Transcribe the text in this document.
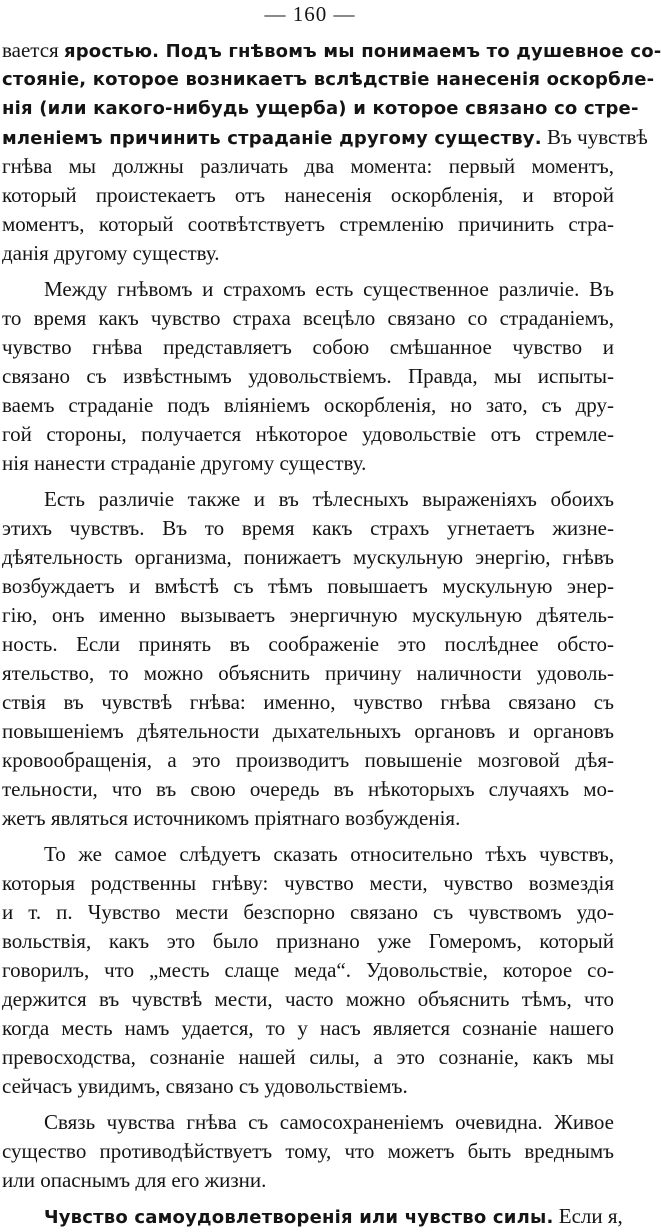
— 160 —
вается яростью. Подъ гнѣвомъ мы понимаемъ то душевное со-
стояніе, которое возникаетъ вслѣдствіе нанесенія оскорбле-
нія (или какого-нибудь ущерба) и которое связано со стре-
мленіемъ причинить страданіе другому существу. Въ чувствѣ
гнѣва мы должны различать два момента: первый моментъ,
который проистекаетъ отъ нанесенія оскорбленія, и второй
моментъ, который соотвѣтствуетъ стремленію причинить стра-
данія другому существу.
Между гнѣвомъ и страхомъ есть существенное различіе. Въ
то время какъ чувство страха всецѣло связано со страданіемъ,
чувство гнѣва представляетъ собою смѣшанное чувство и
связано съ извѣстнымъ удовольствіемъ. Правда, мы испыты-
ваемъ страданіе подъ вліяніемъ оскорбленія, но зато, съ дру-
гой стороны, получается нѣкоторое удовольствіе отъ стремле-
нія нанести страданіе другому существу.
Есть различіе также и въ тѣлесныхъ выраженіяхъ обоихъ
этихъ чувствъ. Въ то время какъ страхъ угнетаетъ жизне-
дѣятельность организма, понижаетъ мускульную энергію, гнѣвъ
возбуждаетъ и вмѣстѣ съ тѣмъ повышаетъ мускульную энер-
гію, онъ именно вызываетъ энергичную мускульную дѣятель-
ность. Если принять въ соображеніе это послѣднее обсто-
ятельство, то можно объяснить причину наличности удоволь-
ствія въ чувствѣ гнѣва: именно, чувство гнѣва связано съ
повышеніемъ дѣятельности дыхательныхъ органовъ и органовъ
кровообращенія, а это производитъ повышеніе мозговой дѣя-
тельности, что въ свою очередь въ нѣкоторыхъ случаяхъ мо-
жетъ являться источникомъ пріятнаго возбужденія.
То же самое слѣдуетъ сказать относительно тѣхъ чувствъ,
которыя родственны гнѣву: чувство мести, чувство возмездія
и т. п. Чувство мести безспорно связано съ чувствомъ удо-
вольствія, какъ это было признано уже Гомеромъ, который
говорилъ, что „месть слаще меда“. Удовольствіе, которое со-
держится въ чувствѣ мести, часто можно объяснить тѣмъ, что
когда месть намъ удается, то у насъ является сознаніе нашего
превосходства, сознаніе нашей силы, а это сознаніе, какъ мы
сейчасъ увидимъ, связано съ удовольствіемъ.
Связь чувства гнѣва съ самосохраненіемъ очевидна. Живое
существо противодѣйствуетъ тому, что можетъ быть вреднымъ
или опаснымъ для его жизни.
Чувство самоудовлетворенія или чувство силы. Если я,
